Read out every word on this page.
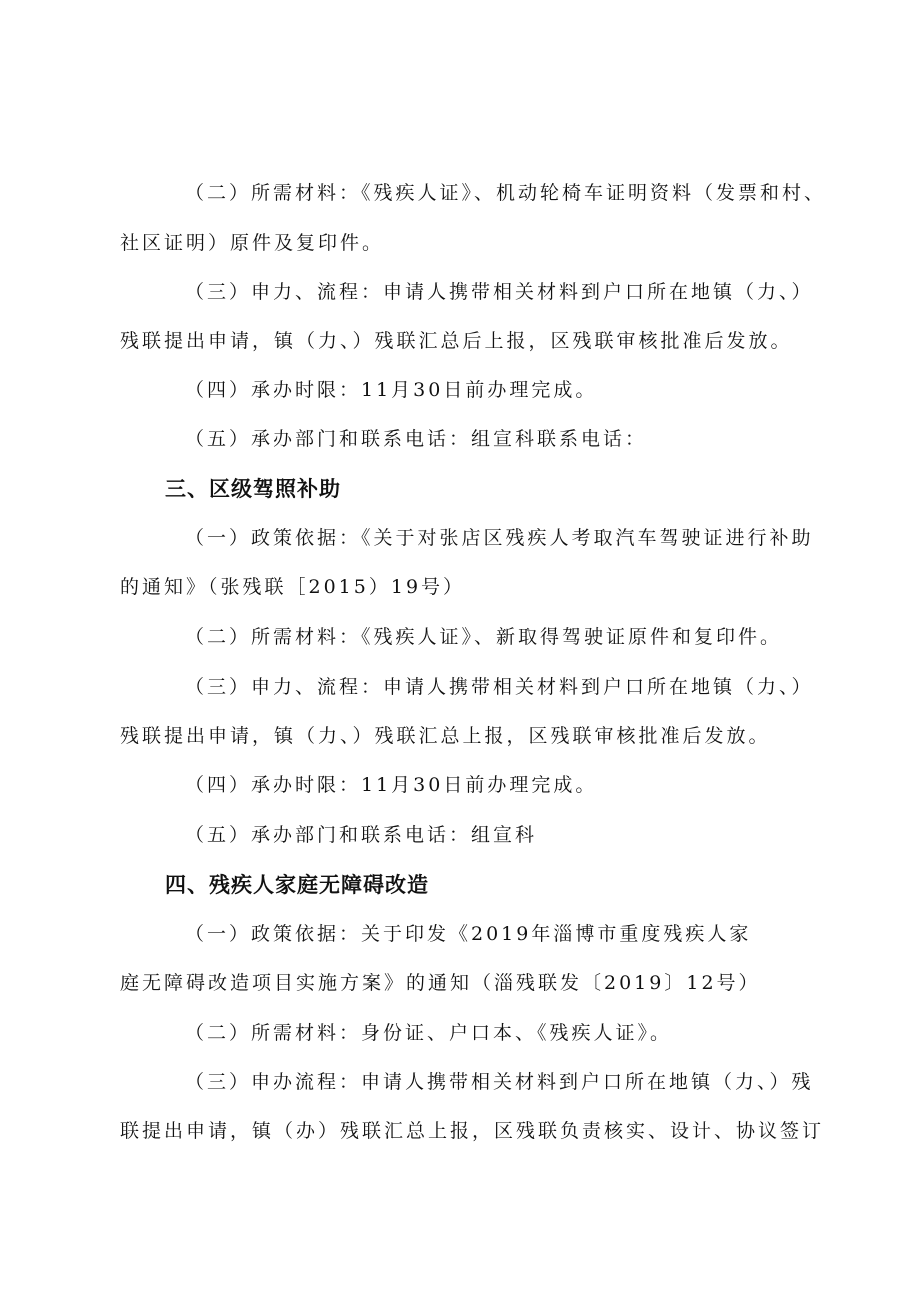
（二）所需材料：《残疾人证》、机动轮椅车证明资料（发票和村、
社区证明）原件及复印件。
（三）申力、流程：申请人携带相关材料到户口所在地镇（力、）
残联提出申请，镇（力、）残联汇总后上报，区残联审核批准后发放。
（四）承办时限：11月30日前办理完成。
（五）承办部门和联系电话：组宣科联系电话：
三、区级驾照补助
（一）政策依据：《关于对张店区残疾人考取汽车驾驶证进行补助
的通知》（张残联［2015）19号）
（二）所需材料：《残疾人证》、新取得驾驶证原件和复印件。
（三）申力、流程：申请人携带相关材料到户口所在地镇（力、）
残联提出申请，镇（力、）残联汇总上报，区残联审核批准后发放。
（四）承办时限：11月30日前办理完成。
（五）承办部门和联系电话：组宣科
四、残疾人家庭无障碍改造
（一）政策依据：关于印发《2019年淄博市重度残疾人家
庭无障碍改造项目实施方案》的通知（淄残联发〔2019〕12号）
（二）所需材料：身份证、户口本、《残疾人证》。
（三）申办流程：申请人携带相关材料到户口所在地镇（力、）残
联提出申请，镇（办）残联汇总上报，区残联负责核实、设计、协议签订
